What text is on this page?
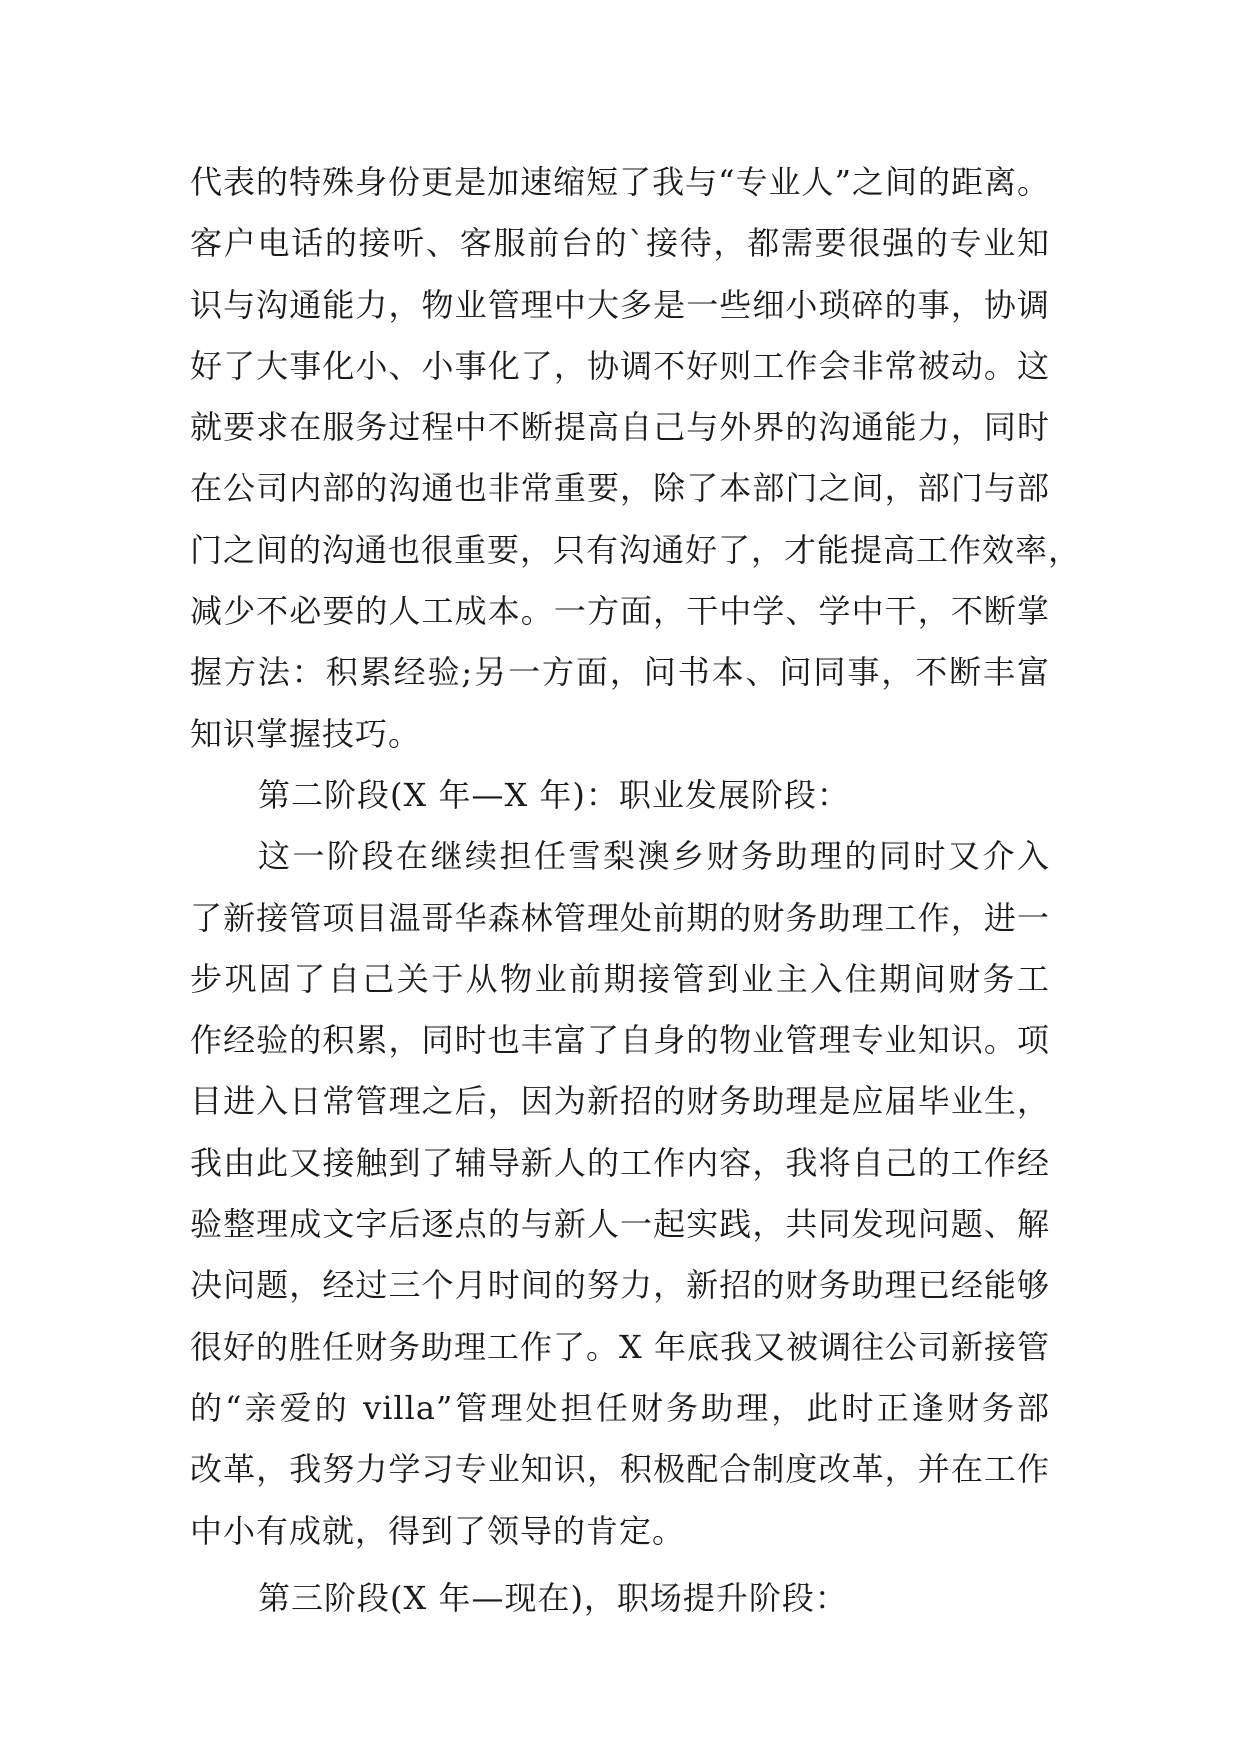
代表的特殊身份更是加速缩短了我与“专业人”之间的距离。
客户电话的接听、客服前台的`接待，都需要很强的专业知
识与沟通能力，物业管理中大多是一些细小琐碎的事，协调
好了大事化小、小事化了，协调不好则工作会非常被动。这
就要求在服务过程中不断提高自己与外界的沟通能力，同时
在公司内部的沟通也非常重要，除了本部门之间，部门与部
门之间的沟通也很重要，只有沟通好了，才能提高工作效率，
减少不必要的人工成本。一方面，干中学、学中干，不断掌
握方法：积累经验;另一方面，问书本、问同事，不断丰富
知识掌握技巧。
第二阶段(X 年—X 年)：职业发展阶段：
这一阶段在继续担任雪梨澳乡财务助理的同时又介入
了新接管项目温哥华森林管理处前期的财务助理工作，进一
步巩固了自己关于从物业前期接管到业主入住期间财务工
作经验的积累，同时也丰富了自身的物业管理专业知识。项
目进入日常管理之后，因为新招的财务助理是应届毕业生，
我由此又接触到了辅导新人的工作内容，我将自己的工作经
验整理成文字后逐点的与新人一起实践，共同发现问题、解
决问题，经过三个月时间的努力，新招的财务助理已经能够
很好的胜任财务助理工作了。X 年底我又被调往公司新接管
的“亲爱的 villa”管理处担任财务助理，此时正逢财务部
改革，我努力学习专业知识，积极配合制度改革，并在工作
中小有成就，得到了领导的肯定。
第三阶段(X 年—现在)，职场提升阶段：
